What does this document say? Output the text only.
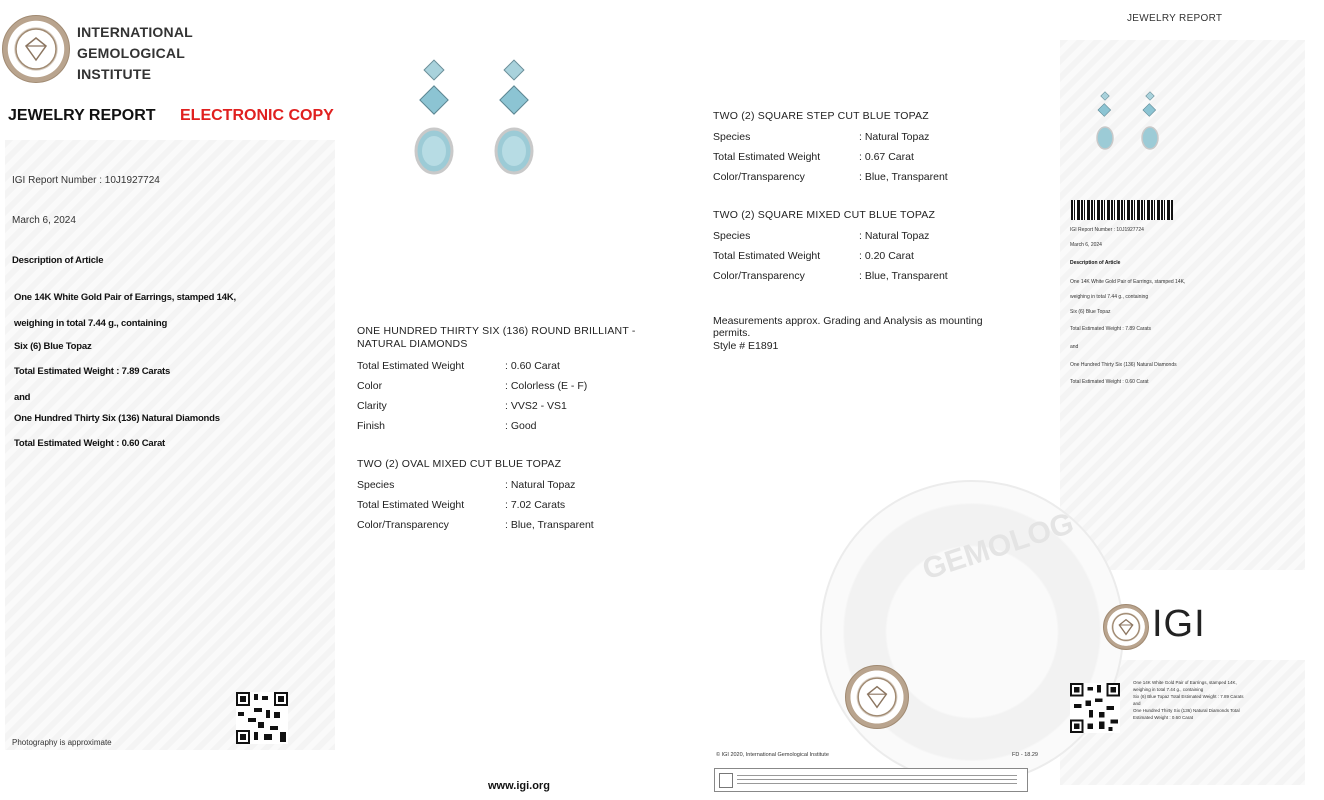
GEMOLOG
INTERNATIONAL
GEMOLOGICAL
INSTITUTE
JEWELRY REPORT ELECTRONIC COPY
IGI Report Number : 10J1927724
March 6, 2024
Description of Article
One 14K White Gold Pair of Earrings, stamped 14K,
weighing in total 7.44 g., containing
Six (6) Blue Topaz
Total Estimated Weight : 7.89 Carats
and
One Hundred Thirty Six (136) Natural Diamonds
Total Estimated Weight : 0.60 Carat
Photography is approximate
ONE HUNDRED THIRTY SIX (136) ROUND BRILLIANT -
NATURAL DIAMONDS
Total Estimated Weight	: 0.60 Carat
Color	: Colorless (E - F)
Clarity	: VVS2 - VS1
Finish	: Good
TWO (2) OVAL MIXED CUT BLUE TOPAZ
Species	: Natural Topaz
Total Estimated Weight	: 7.02 Carats
Color/Transparency	: Blue, Transparent
www.igi.org
TWO (2) SQUARE STEP CUT BLUE TOPAZ
Species	: Natural Topaz
Total Estimated Weight	: 0.67 Carat
Color/Transparency	: Blue, Transparent
TWO (2) SQUARE MIXED CUT BLUE TOPAZ
Species	: Natural Topaz
Total Estimated Weight	: 0.20 Carat
Color/Transparency	: Blue, Transparent
Measurements approx. Grading and Analysis as mounting
permits.
Style # E1891
© IGI 2020, International Gemological Institute	FD - 18.29
JEWELRY REPORT
IGI Report Number : 10J1927724
March 6, 2024
Description of Article
One 14K White Gold Pair of Earrings, stamped 14K,
weighing in total 7.44 g., containing
Six (6) Blue Topaz
Total Estimated Weight : 7.89 Carats
and
One Hundred Thirty Six (136) Natural Diamonds
Total Estimated Weight : 0.60 Carat
IGI
One 14K White Gold Pair of Earrings, stamped 14K,
weighing in total 7.44 g., containing
Six (6) Blue Topaz Total Estimated Weight : 7.89 Carats
and
One Hundred Thirty Six (136) Natural Diamonds Total
Estimated Weight : 0.60 Carat
